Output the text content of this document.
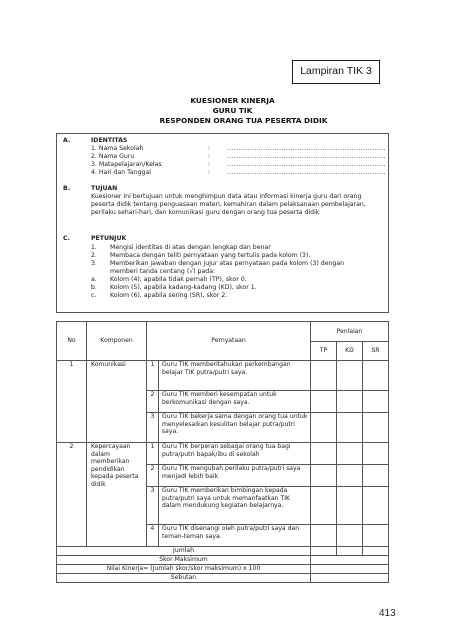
Lampiran TIK 3
KUESIONER KINERJA
GURU TIK
RESPONDEN ORANG TUA PESERTA DIDIK
A.	IDENTITAS
1. Nama Sekolah	:	......................................................................
2. Nama Guru	:	......................................................................
3. Matapelajaran/Kelas	:	......................................................................
4. Hari dan Tanggal	:	......................................................................
B.	TUJUAN
Kuesioner ini bertujuan untuk menghimpun data atau informasi kinerja guru dari orang
peserta didik tentang penguasaan materi, kemahiran dalam pelaksanaan pembelajaran,
perilaku sehari-hari, dan komunikasi guru dengan orang tua peserta didik
C.	PETUNJUK
1. Mengisi identitas di atas dengan lengkap dan benar
2. Membaca dengan teliti pernyataan yang tertulis pada kolom (3).
3. Memberikan jawaban dengan jujur atas pernyataan pada kolom (3) dengan
memberi tanda centang (√) pada:
a. Kolom (4), apabila tidak pernah (TP), skor 0.
b. Kolom (5), apabila kadang-kadang (KD), skor 1.
c. Kolom (6), apabila sering (SR), skor 2.
No	Komponen	Pernyataan		Penlaian		
				TP	KD	SR
1	Komunikasi	1	Guru TIK memberitahukan perkembangan belajar TIK putra/putri saya.			
		2	Guru TIK memberi kesempatan untuk berkomunikasi dengan saya.			
		3	Guru TIK bekerja sama dengan orang tua untuk menyelesaikan kesulitan belajar putra/putri saya.			
2	Kepercayaan dalam memberikan pendidikan kepada peserta didik	1	Guru TIK berperan sebagai orang tua bagi putra/putri bapak/ibu di sekolah			
		2	Guru TIK mengubah perilaku putra/putri saya menjadi lebih baik			
		3	Guru TIK memberikan bimbingan kepada putra/putri saya untuk memanfaatkan TIK dalam mendukung kegiatan belajarnya.			
		4	Guru TIK disenangi oleh putra/putri saya dan teman-teman saya.			
Jumlah						
Skor Maksimum						
Nilai Kinerja= (Jumlah skor/skor maksimum) x 100						
Sebutan						
413
